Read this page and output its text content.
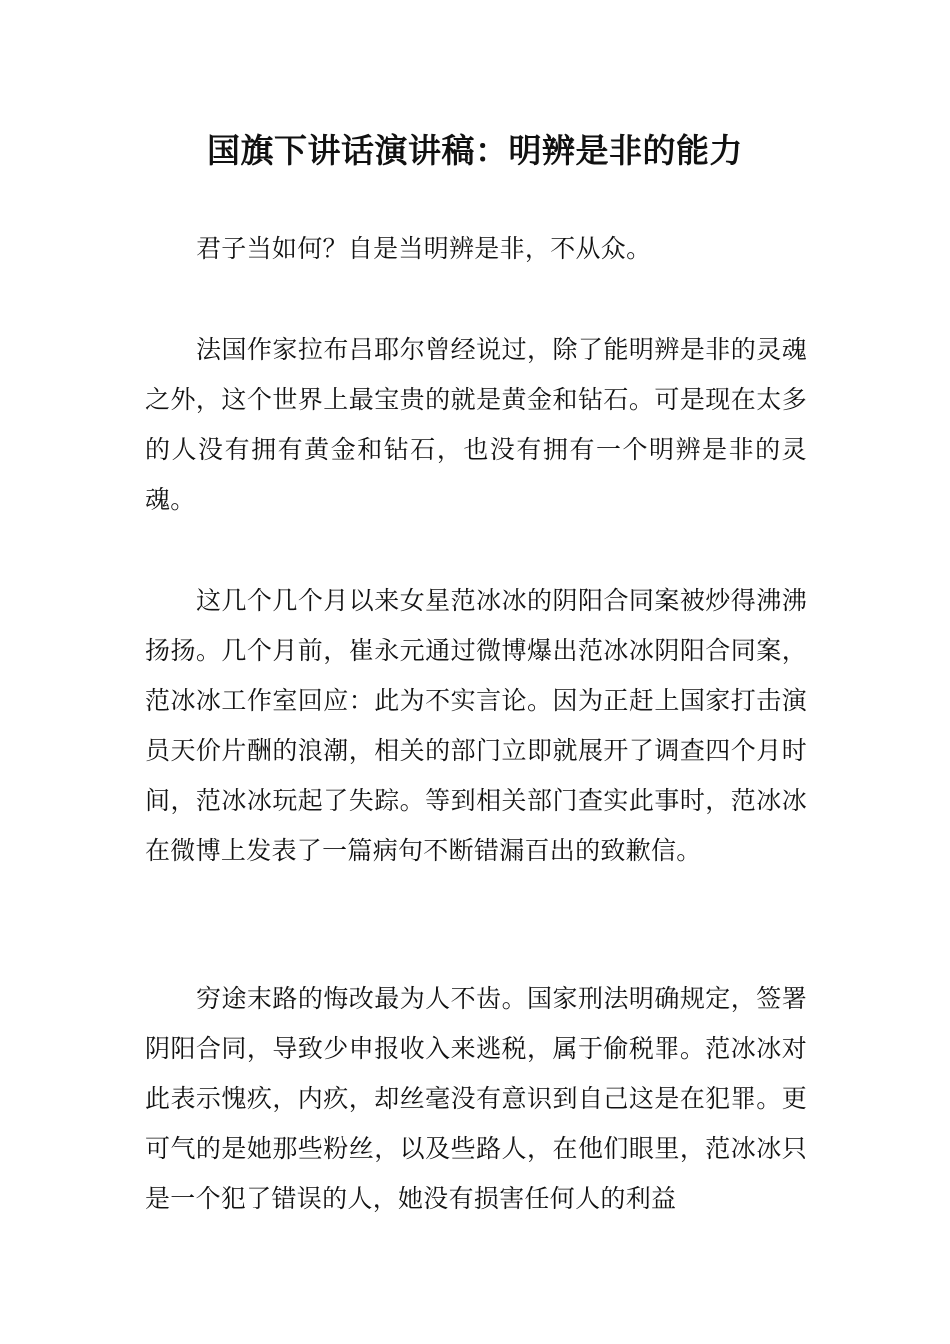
国旗下讲话演讲稿：明辨是非的能力

君子当如何？自是当明辨是非，不从众。

法国作家拉布吕耶尔曾经说过，除了能明辨是非的灵魂之外，这个世界上最宝贵的就是黄金和钻石。可是现在太多的人没有拥有黄金和钻石，也没有拥有一个明辨是非的灵魂。

这几个几个月以来女星范冰冰的阴阳合同案被炒得沸沸扬扬。几个月前，崔永元通过微博爆出范冰冰阴阳合同案，范冰冰工作室回应：此为不实言论。因为正赶上国家打击演员天价片酬的浪潮，相关的部门立即就展开了调查四个月时间，范冰冰玩起了失踪。等到相关部门查实此事时，范冰冰在微博上发表了一篇病句不断错漏百出的致歉信。

穷途末路的悔改最为人不齿。国家刑法明确规定，签署阴阳合同，导致少申报收入来逃税，属于偷税罪。范冰冰对此表示愧疚，内疚，却丝毫没有意识到自己这是在犯罪。更可气的是她那些粉丝，以及些路人，在他们眼里，范冰冰只是一个犯了错误的人，她没有损害任何人的利益
